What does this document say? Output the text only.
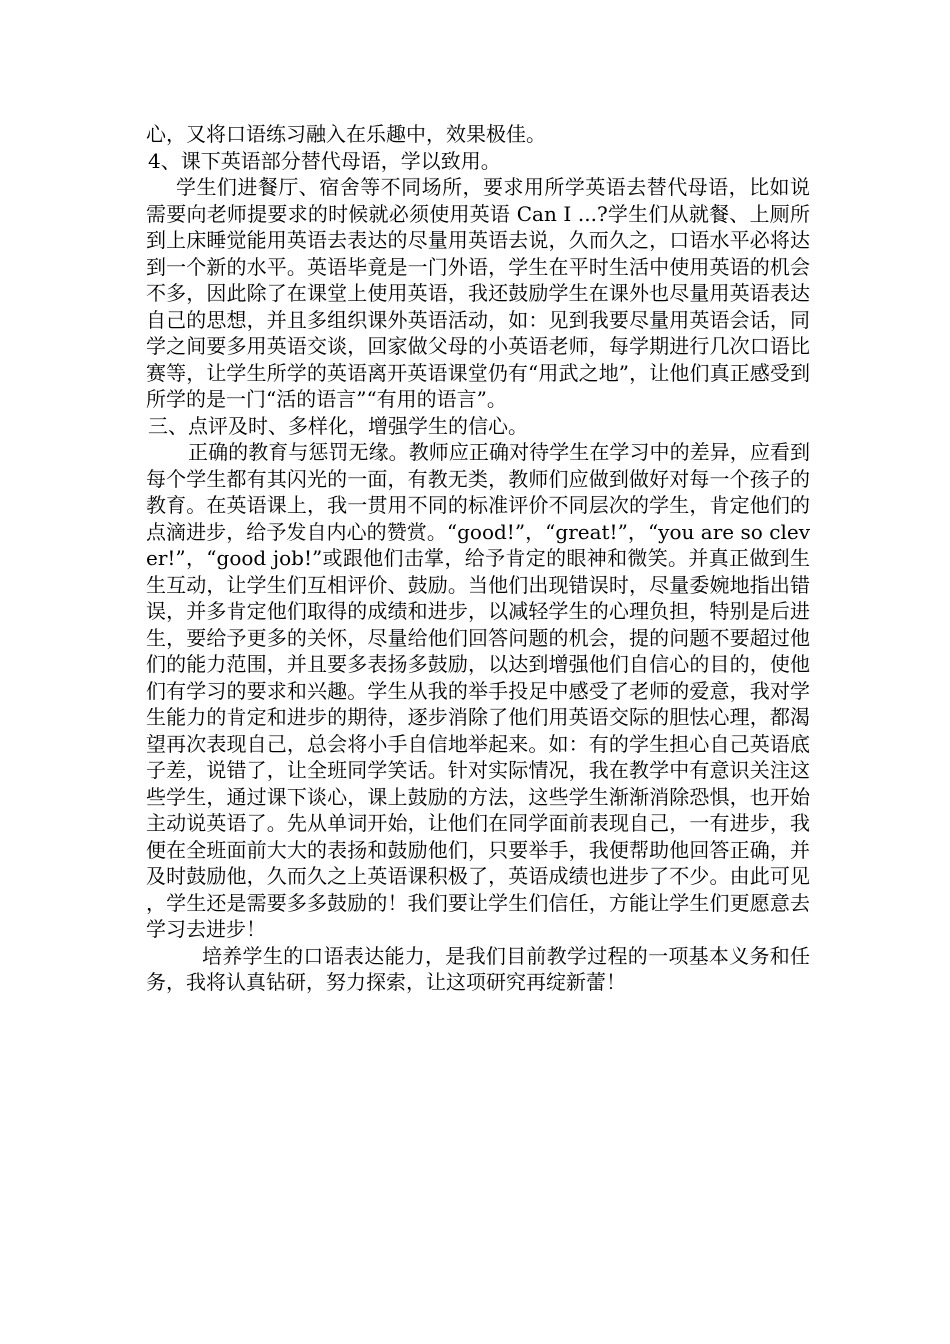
心，又将口语练习融入在乐趣中，效果极佳。

4、课下英语部分替代母语，学以致用。

学生们进餐厅、宿舍等不同场所，要求用所学英语去替代母语，比如说需要向老师提要求的时候就必须使用英语 Can I ...?学生们从就餐、上厕所到上床睡觉能用英语去表达的尽量用英语去说，久而久之，口语水平必将达到一个新的水平。英语毕竟是一门外语，学生在平时生活中使用英语的机会不多，因此除了在课堂上使用英语，我还鼓励学生在课外也尽量用英语表达自己的思想，并且多组织课外英语活动，如：见到我要尽量用英语会话，同学之间要多用英语交谈，回家做父母的小英语老师，每学期进行几次口语比赛等，让学生所学的英语离开英语课堂仍有“用武之地”，让他们真正感受到所学的是一门“活的语言”“有用的语言”。

三、点评及时、多样化，增强学生的信心。

正确的教育与惩罚无缘。教师应正确对待学生在学习中的差异，应看到每个学生都有其闪光的一面，有教无类，教师们应做到做好对每一个孩子的教育。在英语课上，我一贯用不同的标准评价不同层次的学生，肯定他们的点滴进步，给予发自内心的赞赏。“good!”，“great!”，“you are so clever!”，“good job!”或跟他们击掌，给予肯定的眼神和微笑。并真正做到生生互动，让学生们互相评价、鼓励。当他们出现错误时，尽量委婉地指出错误，并多肯定他们取得的成绩和进步，以减轻学生的心理负担，特别是后进生，要给予更多的关怀，尽量给他们回答问题的机会，提的问题不要超过他们的能力范围，并且要多表扬多鼓励，以达到增强他们自信心的目的，使他们有学习的要求和兴趣。学生从我的举手投足中感受了老师的爱意，我对学生能力的肯定和进步的期待，逐步消除了他们用英语交际的胆怯心理，都渴望再次表现自己，总会将小手自信地举起来。如：有的学生担心自己英语底子差，说错了，让全班同学笑话。针对实际情况，我在教学中有意识关注这些学生，通过课下谈心，课上鼓励的方法，这些学生渐渐消除恐惧，也开始主动说英语了。先从单词开始，让他们在同学面前表现自己，一有进步，我便在全班面前大大的表扬和鼓励他们，只要举手，我便帮助他回答正确，并及时鼓励他，久而久之上英语课积极了，英语成绩也进步了不少。由此可见，学生还是需要多多鼓励的！我们要让学生们信任，方能让学生们更愿意去学习去进步！

培养学生的口语表达能力，是我们目前教学过程的一项基本义务和任务，我将认真钻研，努力探索，让这项研究再绽新蕾！
